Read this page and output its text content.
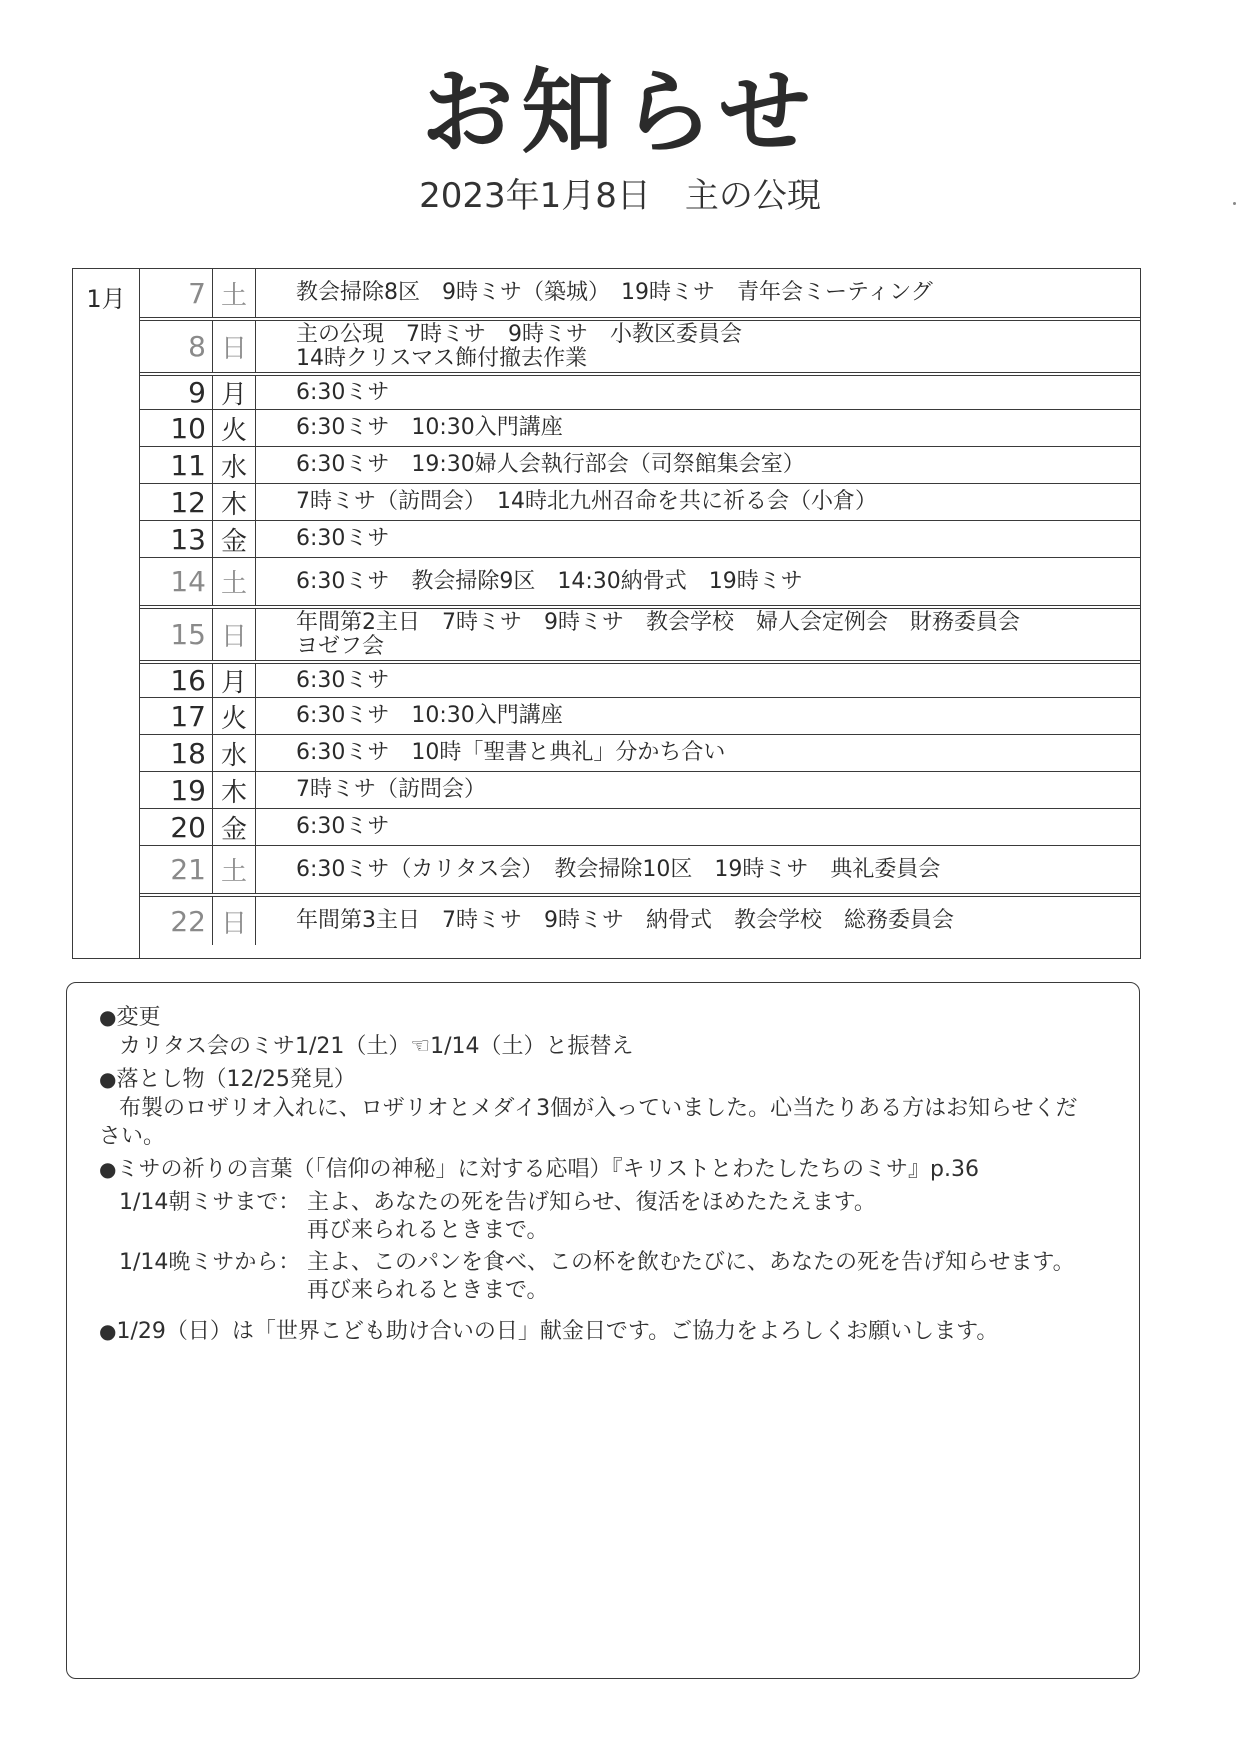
お知らせ
2023年1月8日　主の公現
1月	7 土	教会掃除8区　9時ミサ（築城）　19時ミサ　青年会ミーティング
8 日	主の公現　7時ミサ　9時ミサ　小教区委員会
14時クリスマス飾付撤去作業
9 月	6:30ミサ
10 火	6:30ミサ　10:30入門講座
11 水	6:30ミサ　19:30婦人会執行部会（司祭館集会室）
12 木	7時ミサ（訪問会）　14時北九州召命を共に祈る会（小倉）
13 金	6:30ミサ
14 土	6:30ミサ　教会掃除9区　14:30納骨式　19時ミサ
15 日	年間第2主日　7時ミサ　9時ミサ　教会学校　婦人会定例会　財務委員会
ヨゼフ会
16 月	6:30ミサ
17 火	6:30ミサ　10:30入門講座
18 水	6:30ミサ　10時「聖書と典礼」分かち合い
19 木	7時ミサ（訪問会）
20 金	6:30ミサ
21 土	6:30ミサ（カリタス会）　教会掃除10区　19時ミサ　典礼委員会
22 日	年間第3主日　7時ミサ　9時ミサ　納骨式　教会学校　総務委員会
●変更
カリタス会のミサ1/21（土）☜1/14（土）と振替え
●落とし物（12/25発見）
布製のロザリオ入れに、ロザリオとメダイ3個が入っていました。心当たりある方はお知らせくだ
さい。
●ミサの祈りの言葉（「信仰の神秘」に対する応唱）『キリストとわたしたちのミサ』p.36
1/14朝ミサまで： 主よ、あなたの死を告げ知らせ、復活をほめたたえます。
再び来られるときまで。
1/14晩ミサから： 主よ、このパンを食べ、この杯を飲むたびに、あなたの死を告げ知らせます。
再び来られるときまで。
●1/29（日）は「世界こども助け合いの日」献金日です。ご協力をよろしくお願いします。
